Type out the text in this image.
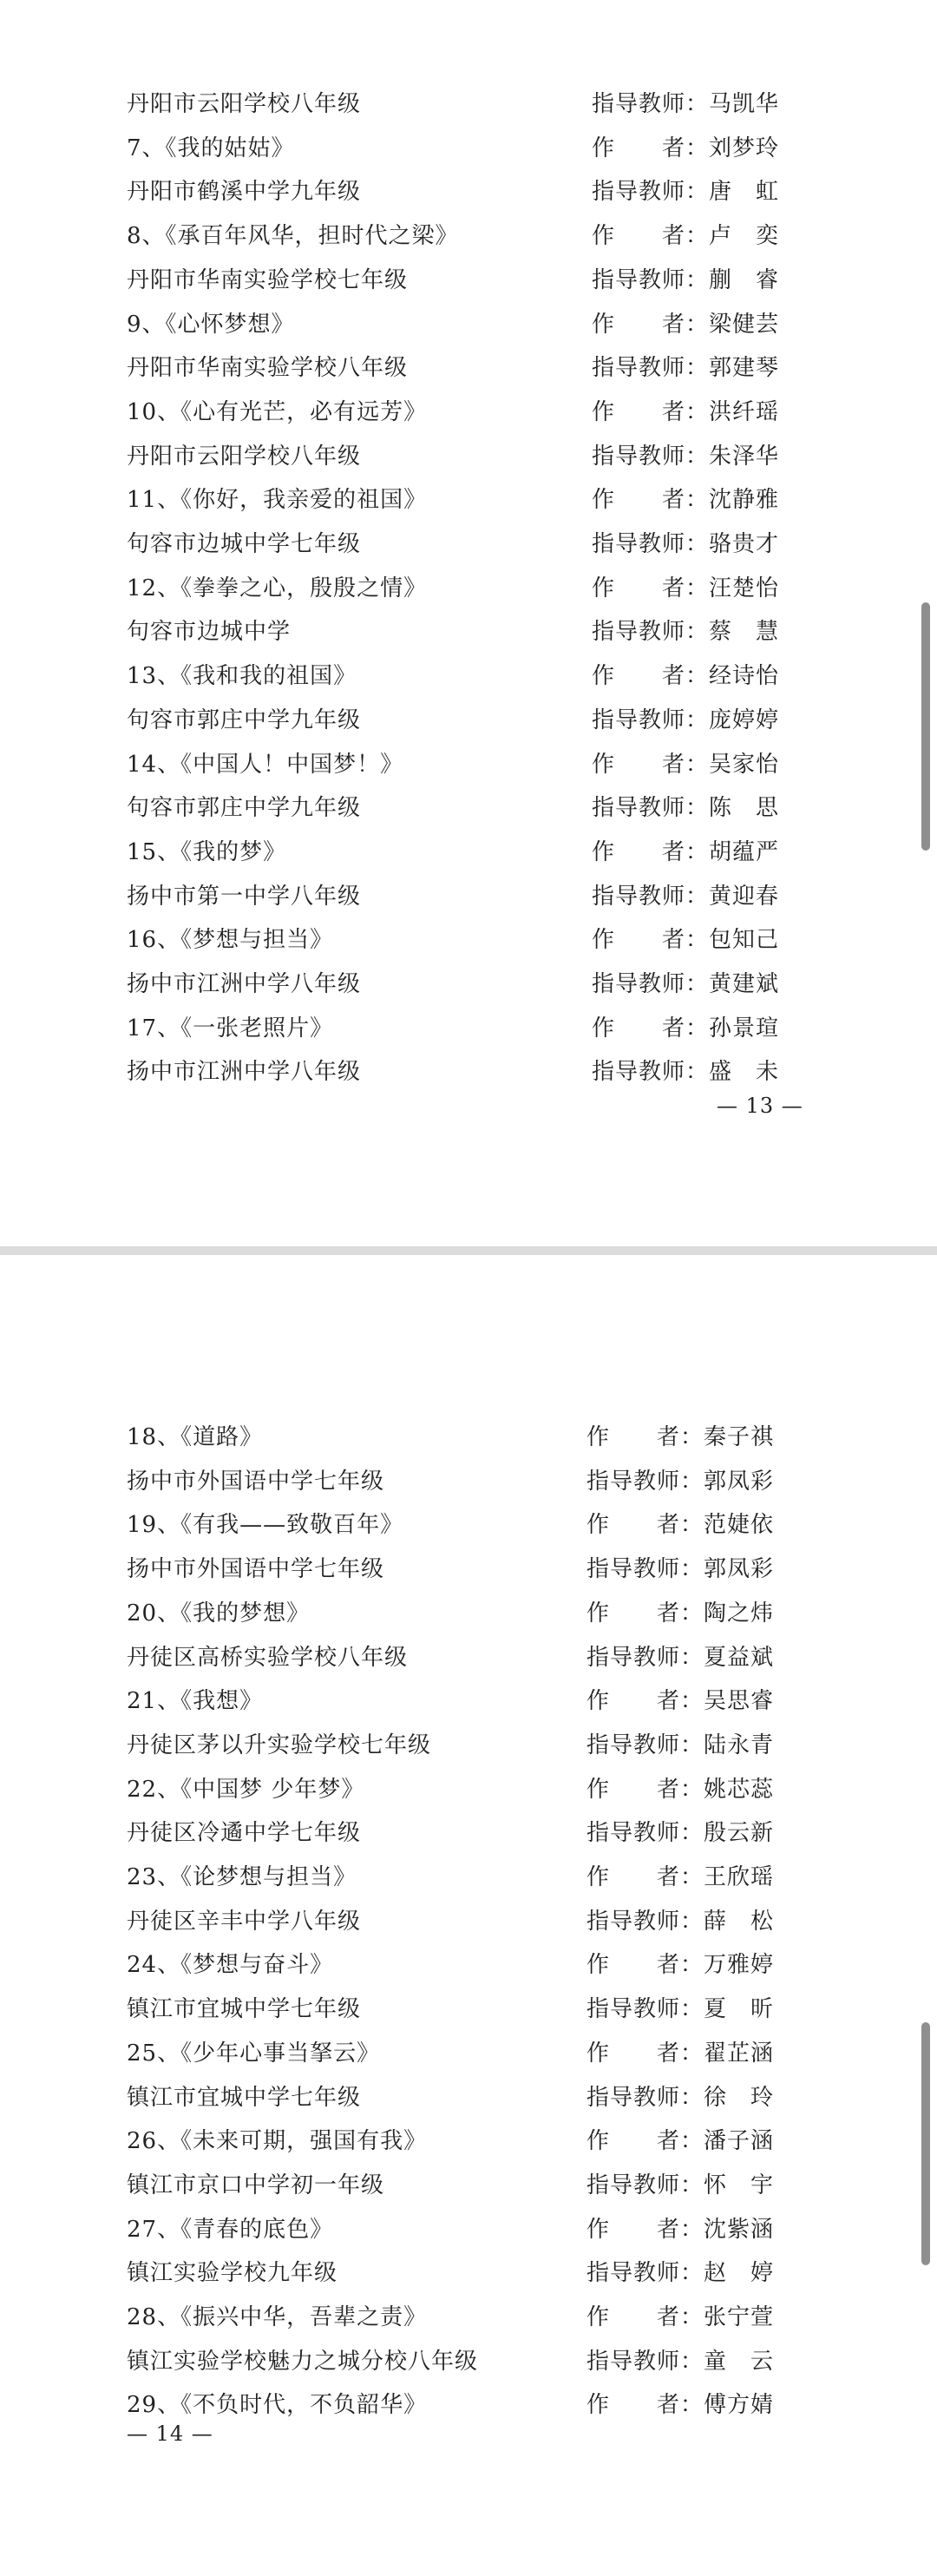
丹阳市云阳学校八年级	指导教师：马凯华
7、《我的姑姑》	作　　者：刘梦玲
丹阳市鹤溪中学九年级	指导教师：唐　虹
8、《承百年风华，担时代之梁》	作　　者：卢　奕
丹阳市华南实验学校七年级	指导教师：蒯　睿
9、《心怀梦想》	作　　者：梁健芸
丹阳市华南实验学校八年级	指导教师：郭建琴
10、《心有光芒，必有远芳》	作　　者：洪纤瑶
丹阳市云阳学校八年级	指导教师：朱泽华
11、《你好，我亲爱的祖国》	作　　者：沈静雅
句容市边城中学七年级	指导教师：骆贵才
12、《拳拳之心，殷殷之情》	作　　者：汪楚怡
句容市边城中学	指导教师：蔡　慧
13、《我和我的祖国》	作　　者：经诗怡
句容市郭庄中学九年级	指导教师：庞婷婷
14、《中国人！中国梦！》	作　　者：吴家怡
句容市郭庄中学九年级	指导教师：陈　思
15、《我的梦》	作　　者：胡蕴严
扬中市第一中学八年级	指导教师：黄迎春
16、《梦想与担当》	作　　者：包知己
扬中市江洲中学八年级	指导教师：黄建斌
17、《一张老照片》	作　　者：孙景瑄
扬中市江洲中学八年级	指导教师：盛　未
— 13 —
18、《道路》	作　　者：秦子祺
扬中市外国语中学七年级	指导教师：郭凤彩
19、《有我——致敬百年》	作　　者：范婕依
扬中市外国语中学七年级	指导教师：郭凤彩
20、《我的梦想》	作　　者：陶之炜
丹徒区高桥实验学校八年级	指导教师：夏益斌
21、《我想》	作　　者：吴思睿
丹徒区茅以升实验学校七年级	指导教师：陆永青
22、《中国梦 少年梦》	作　　者：姚芯蕊
丹徒区冷遹中学七年级	指导教师：殷云新
23、《论梦想与担当》	作　　者：王欣瑶
丹徒区辛丰中学八年级	指导教师：薛　松
24、《梦想与奋斗》	作　　者：万雅婷
镇江市宜城中学七年级	指导教师：夏　昕
25、《少年心事当拏云》	作　　者：翟芷涵
镇江市宜城中学七年级	指导教师：徐　玲
26、《未来可期，强国有我》	作　　者：潘子涵
镇江市京口中学初一年级	指导教师：怀　宇
27、《青春的底色》	作　　者：沈紫涵
镇江实验学校九年级	指导教师：赵　婷
28、《振兴中华，吾辈之责》	作　　者：张宁萱
镇江实验学校魅力之城分校八年级	指导教师：童　云
29、《不负时代，不负韶华》	作　　者：傅方婧
— 14 —
